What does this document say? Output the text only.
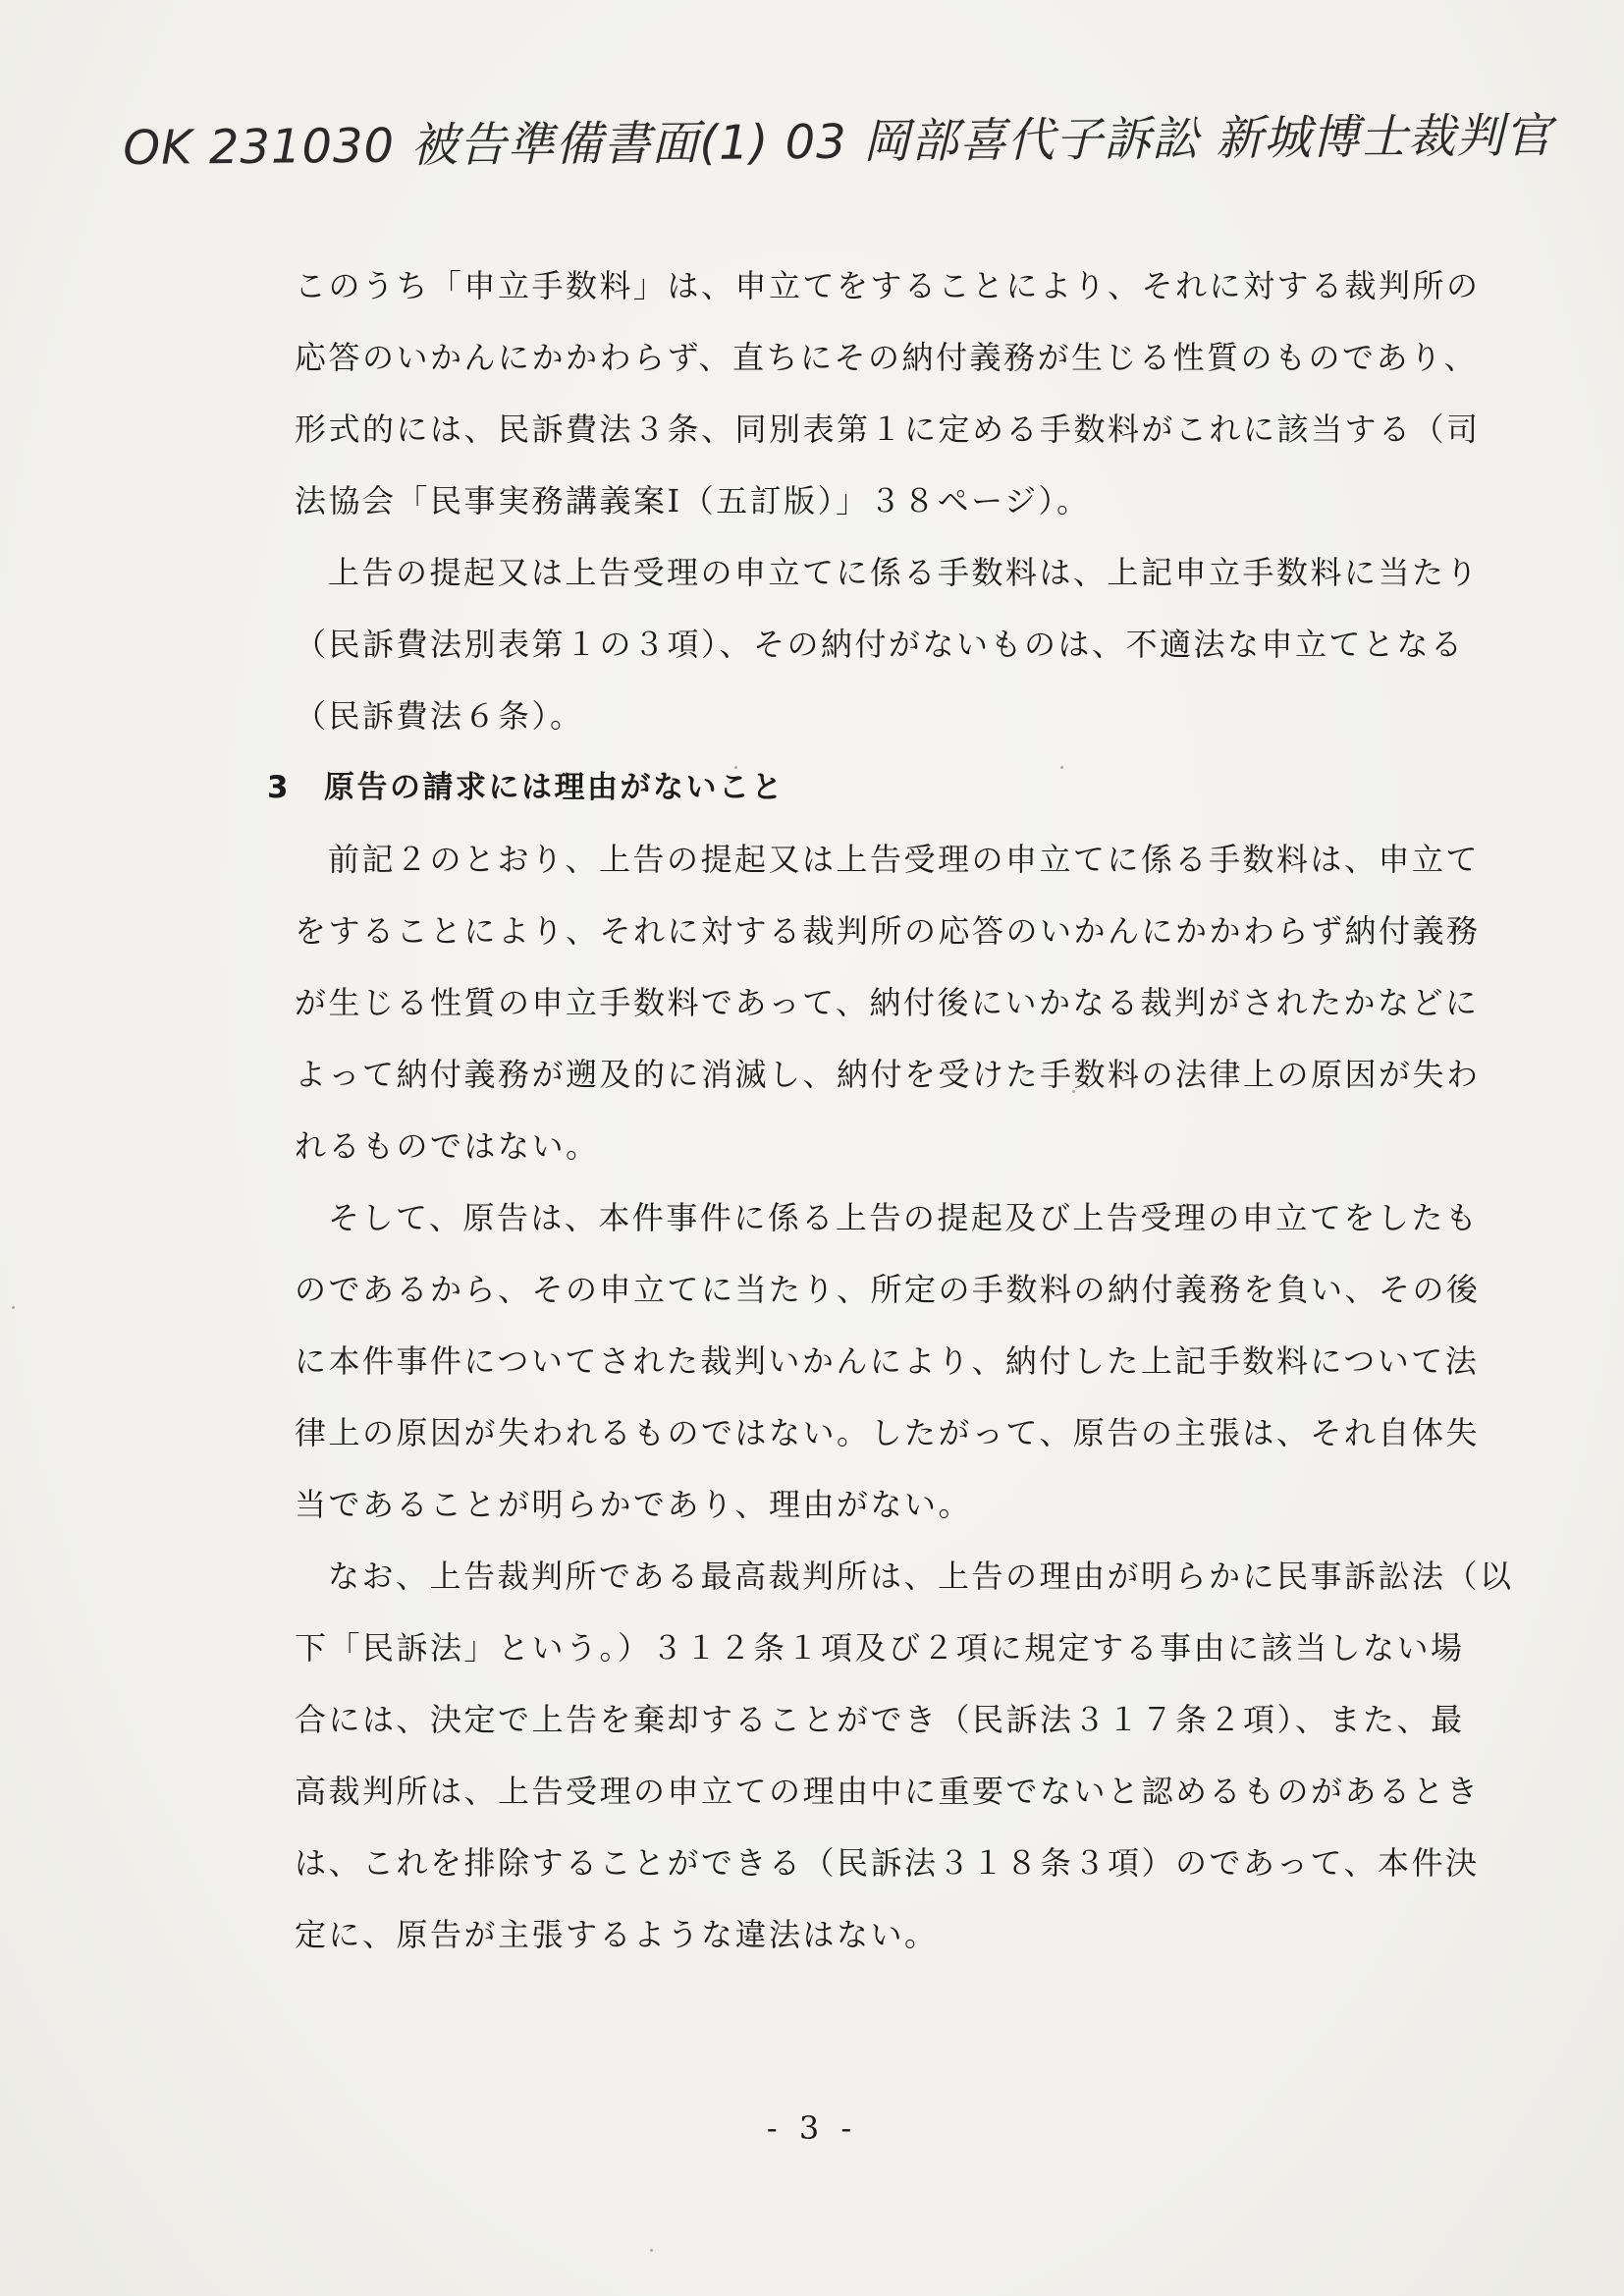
OK 231030 被告準備書面(1) 03 岡部喜代子訴訟 新城博士裁判官
このうち「申立手数料」は、申立てをすることにより、それに対する裁判所の
応答のいかんにかかわらず、直ちにその納付義務が生じる性質のものであり、
形式的には、民訴費法３条、同別表第１に定める手数料がこれに該当する（司
法協会「民事実務講義案Ⅰ（五訂版）」３８ページ）。
上告の提起又は上告受理の申立てに係る手数料は、上記申立手数料に当たり
（民訴費法別表第１の３項）、その納付がないものは、不適法な申立てとなる
（民訴費法６条）。
3 原告の請求には理由がないこと
前記２のとおり、上告の提起又は上告受理の申立てに係る手数料は、申立て
をすることにより、それに対する裁判所の応答のいかんにかかわらず納付義務
が生じる性質の申立手数料であって、納付後にいかなる裁判がされたかなどに
よって納付義務が遡及的に消滅し、納付を受けた手数料の法律上の原因が失わ
れるものではない。
そして、原告は、本件事件に係る上告の提起及び上告受理の申立てをしたも
のであるから、その申立てに当たり、所定の手数料の納付義務を負い、その後
に本件事件についてされた裁判いかんにより、納付した上記手数料について法
律上の原因が失われるものではない。したがって、原告の主張は、それ自体失
当であることが明らかであり、理由がない。
なお、上告裁判所である最高裁判所は、上告の理由が明らかに民事訴訟法（以
下「民訴法」という。）３１２条１項及び２項に規定する事由に該当しない場
合には、決定で上告を棄却することができ（民訴法３１７条２項）、また、最
高裁判所は、上告受理の申立ての理由中に重要でないと認めるものがあるとき
は、これを排除することができる（民訴法３１８条３項）のであって、本件決
定に、原告が主張するような違法はない。
- 3 -
